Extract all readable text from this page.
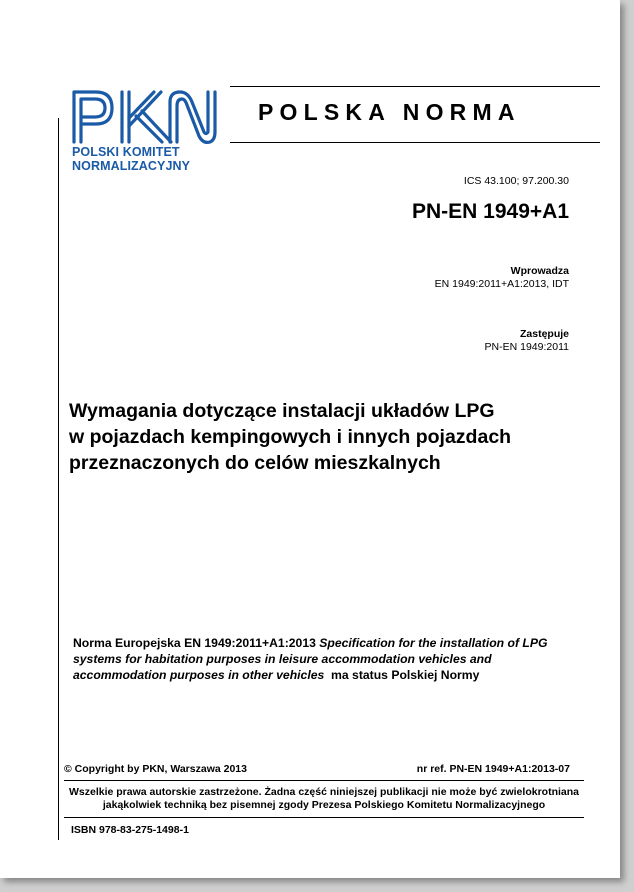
POLSKI KOMITET
NORMALIZACYJNY
POLSKA NORMA
ICS 43.100; 97.200.30
PN-EN 1949+A1
Wprowadza
EN 1949:2011+A1:2013, IDT
Zastępuje
PN-EN 1949:2011
Wymagania dotyczące instalacji układów LPG
w pojazdach kempingowych i innych pojazdach
przeznaczonych do celów mieszkalnych
Norma Europejska EN 1949:2011+A1:2013 Specification for the installation of LPG
systems for habitation purposes in leisure accommodation vehicles and
accommodation purposes in other vehicles  ma status Polskiej Normy
© Copyright by PKN, Warszawa 2013	nr ref. PN-EN 1949+A1:2013-07
Wszelkie prawa autorskie zastrzeżone. Żadna część niniejszej publikacji nie może być zwielokrotniana
jakąkolwiek techniką bez pisemnej zgody Prezesa Polskiego Komitetu Normalizacyjnego
ISBN 978-83-275-1498-1
